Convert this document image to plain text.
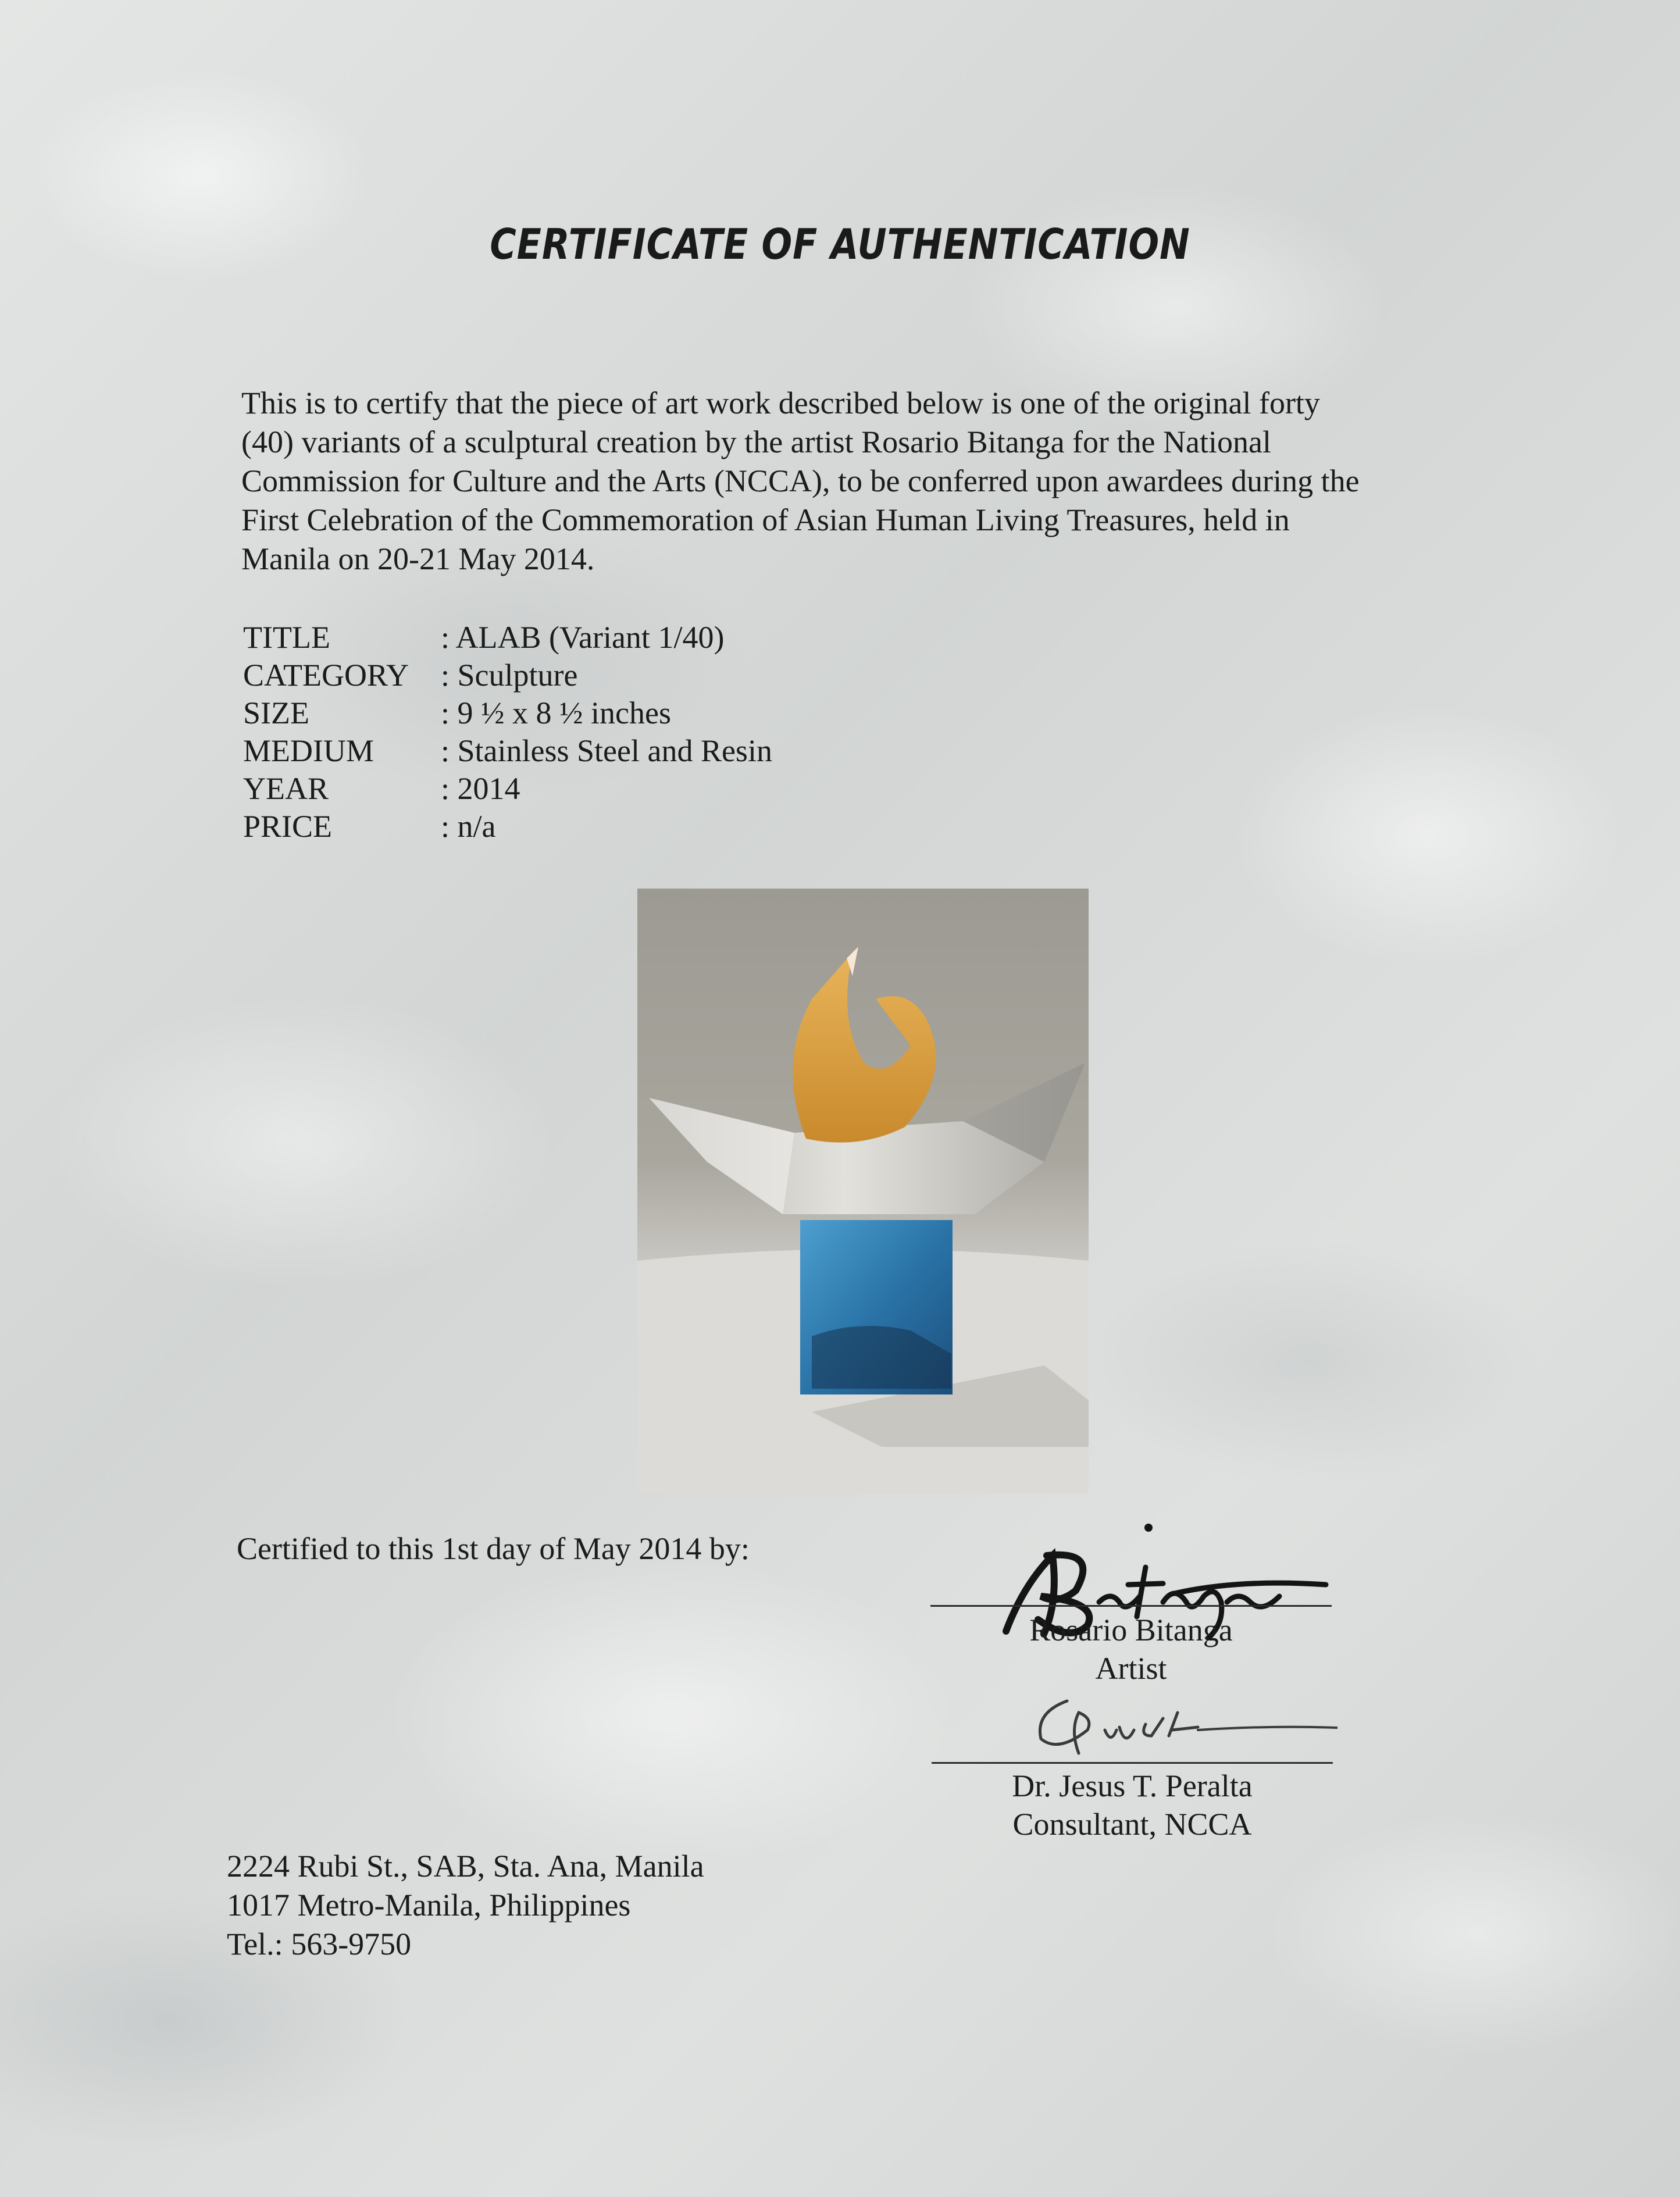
CERTIFICATE OF AUTHENTICATION

This is to certify that the piece of art work described below is one of the original forty

(40) variants of a sculptural creation by the artist Rosario Bitanga for the National

Commission for Culture and the Arts (NCCA), to be conferred upon awardees during the

First Celebration of the Commemoration of Asian Human Living Treasures, held in

Manila on 20-21 May 2014.

TITLE	: ALAB (Variant 1/40)
CATEGORY	: Sculpture
SIZE	: 9 ½ x 8 ½ inches
MEDIUM	: Stainless Steel and Resin
YEAR	: 2014
PRICE	: n/a
Certified to this 1st day of May 2014 by:
Rosario Bitanga
Artist
Dr. Jesus T. Peralta
Consultant, NCCA
2224 Rubi St., SAB, Sta. Ana, Manila
1017 Metro-Manila, Philippines
Tel.: 563-9750
